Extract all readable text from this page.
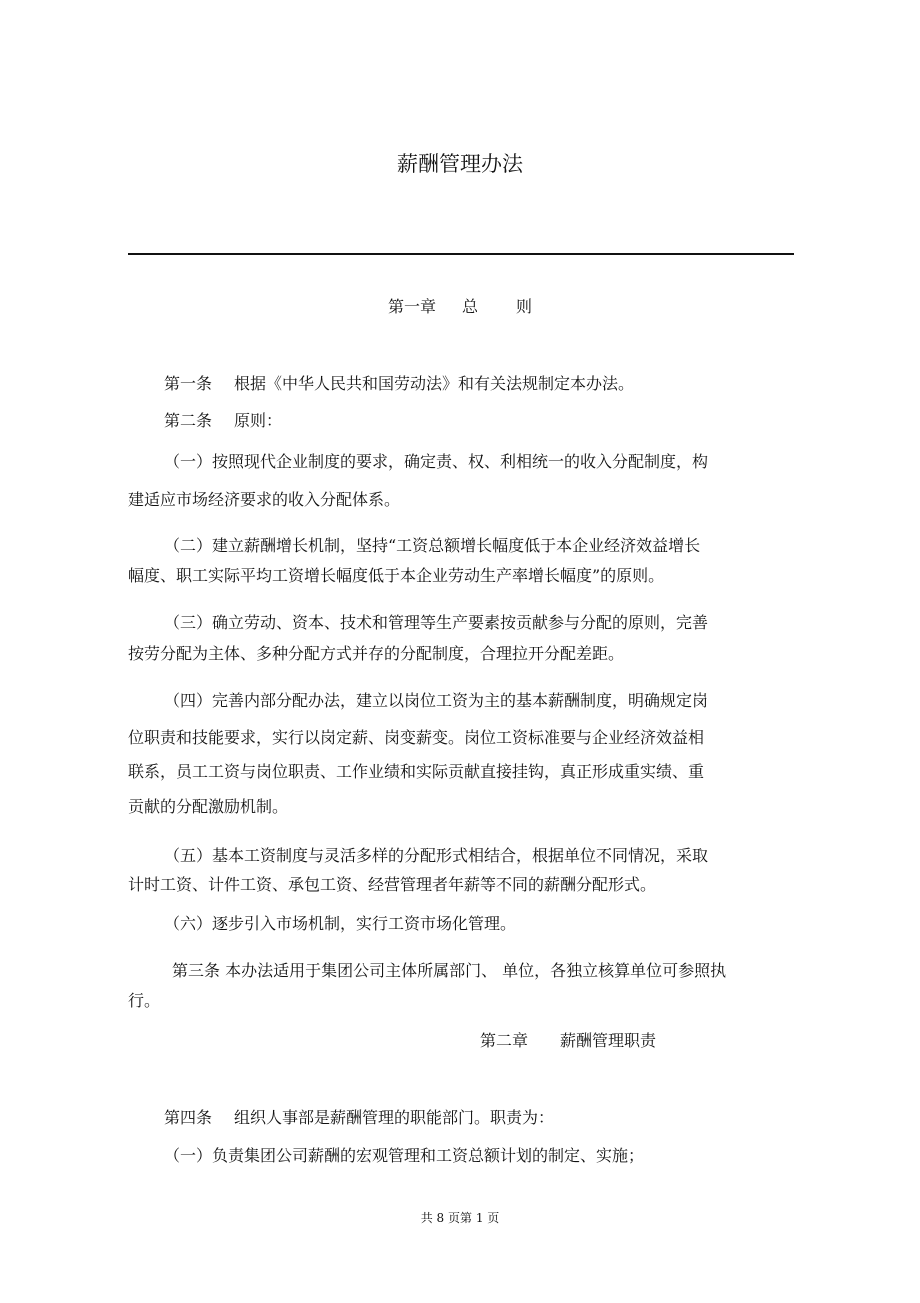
薪酬管理办法
第一章 总 则
第一条 根据《中华人民共和国劳动法》和有关法规制定本办法。
第二条 原则：
（一）按照现代企业制度的要求，确定责、权、利相统一的收入分配制度，构
建适应市场经济要求的收入分配体系。
（二）建立薪酬增长机制，坚持“工资总额增长幅度低于本企业经济效益增长
幅度、职工实际平均工资增长幅度低于本企业劳动生产率增长幅度”的原则。
（三）确立劳动、资本、技术和管理等生产要素按贡献参与分配的原则，完善
按劳分配为主体、多种分配方式并存的分配制度，合理拉开分配差距。
（四）完善内部分配办法，建立以岗位工资为主的基本薪酬制度，明确规定岗
位职责和技能要求，实行以岗定薪、岗变薪变。岗位工资标准要与企业经济效益相
联系，员工工资与岗位职责、工作业绩和实际贡献直接挂钩，真正形成重实绩、重
贡献的分配激励机制。
（五）基本工资制度与灵活多样的分配形式相结合，根据单位不同情况，采取
计时工资、计件工资、承包工资、经营管理者年薪等不同的薪酬分配形式。
（六）逐步引入市场机制，实行工资市场化管理。
第三条 本办法适用于集团公司主体所属部门、 单位，各独立核算单位可参照执
行。
第二章 薪酬管理职责
第四条 组织人事部是薪酬管理的职能部门。职责为：
（一）负责集团公司薪酬的宏观管理和工资总额计划的制定、实施；
共 8 页第 1 页
